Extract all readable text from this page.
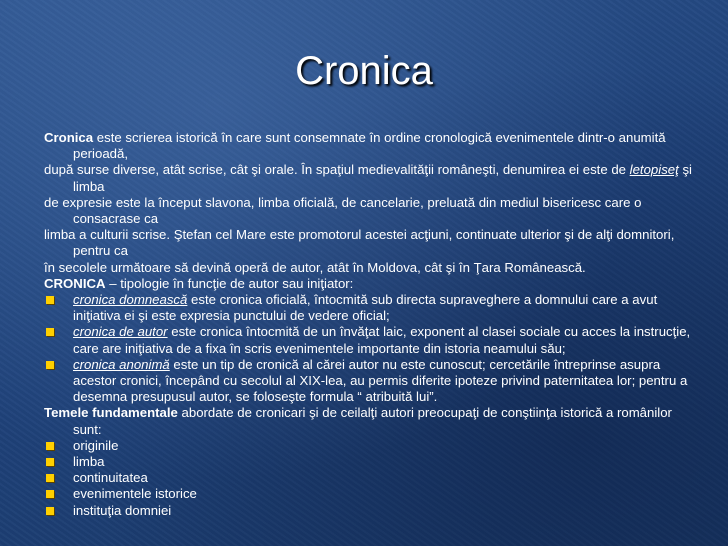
Cronica

Cronica este scrierea istorică în care sunt consemnate în ordine cronologică evenimentele dintr-o anumită perioadă,

după surse diverse, atât scrise, cât şi orale. În spaţiul medievalităţii româneşti, denumirea ei este de letopiseţ şi limba

de expresie este la început slavona, limba oficială, de cancelarie, preluată din mediul bisericesc care o consacrase ca

limba a culturii scrise. Ştefan cel Mare este promotorul acestei acţiuni, continuate ulterior şi de alţi domnitori, pentru ca

în secolele următoare să devină operă de autor, atât în Moldova, cât şi în Ţara Românească.

CRONICA – tipologie în funcţie de autor sau iniţiator:

cronica domnească este cronica oficială, întocmită sub directa supraveghere a domnului care a avut iniţiativa ei şi este expresia punctului de vedere oficial;
cronica de autor este cronica întocmită de un învăţat laic, exponent al clasei sociale cu acces la instrucţie, care are iniţiativa de a fixa în scris evenimentele importante din istoria neamului său;
cronica anonimă este un tip de cronică al cărei autor nu este cunoscut; cercetările întreprinse asupra acestor cronici, începând cu secolul al XIX-lea, au permis diferite ipoteze privind paternitatea lor; pentru a desemna presupusul autor, se foloseşte formula “ atribuită lui”.

Temele fundamentale abordate de cronicari şi de ceilalţi autori preocupaţi de conştiinţa istorică a românilor sunt:

originile
limba
continuitatea
evenimentele istorice
instituţia domniei
